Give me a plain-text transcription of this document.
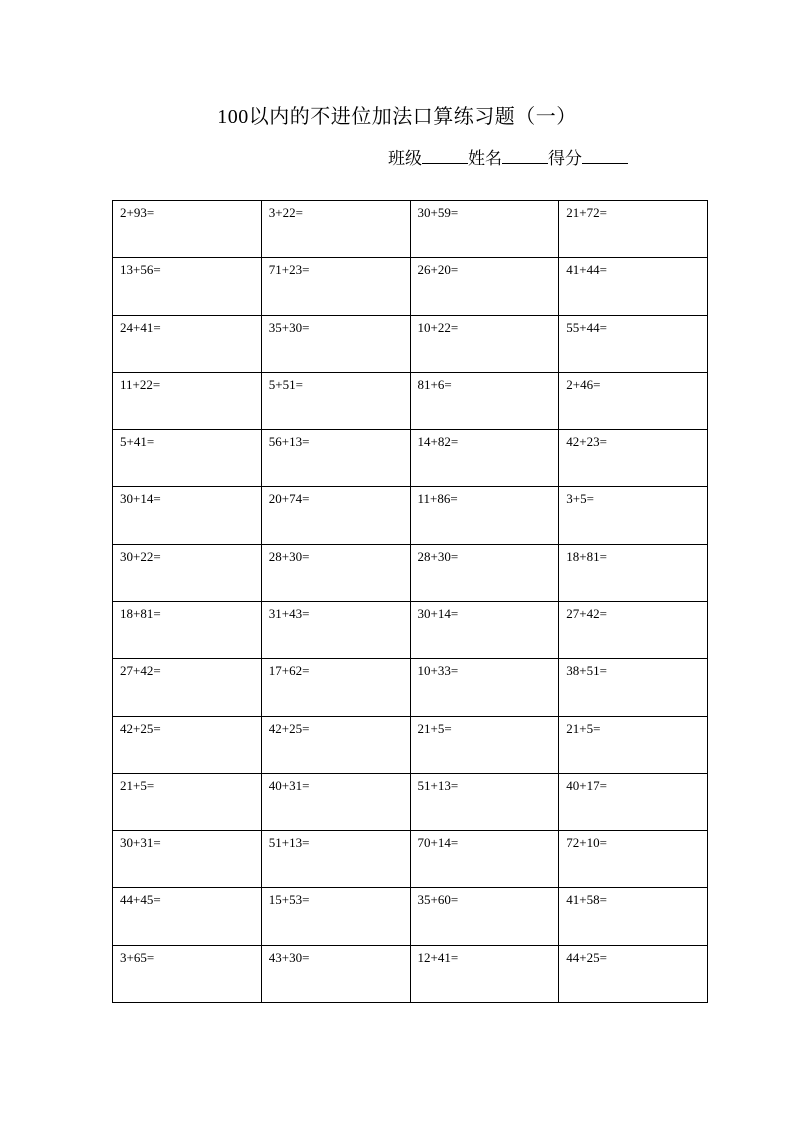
100以内的不进位加法口算练习题（一）
班级	姓名	得分
2+93=	3+22=	30+59=	21+72=
13+56=	71+23=	26+20=	41+44=
24+41=	35+30=	10+22=	55+44=
11+22=	5+51=	81+6=	2+46=
5+41=	56+13=	14+82=	42+23=
30+14=	20+74=	11+86=	3+5=
30+22=	28+30=	28+30=	18+81=
18+81=	31+43=	30+14=	27+42=
27+42=	17+62=	10+33=	38+51=
42+25=	42+25=	21+5=	21+5=
21+5=	40+31=	51+13=	40+17=
30+31=	51+13=	70+14=	72+10=
44+45=	15+53=	35+60=	41+58=
3+65=	43+30=	12+41=	44+25=
